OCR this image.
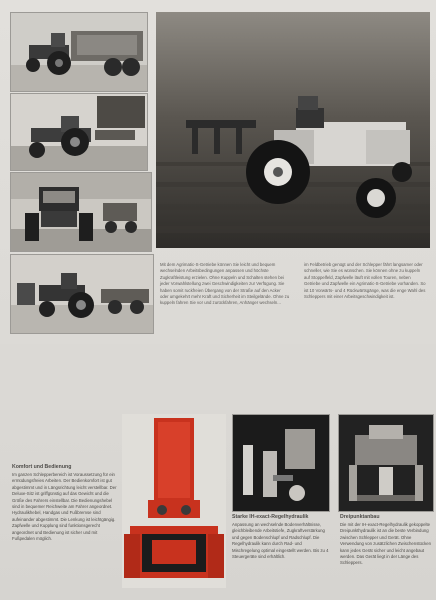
Mit dem Agrimatic-S-Getriebe können Sie leicht und bequem wechselnden Arbeitsbedingungen anpassen und höchste Zugkraftleistung erzielen. Ohne Kuppeln und Schalten stehen bei jeder Vorwahlstellung zwei Geschwindigkeiten zur Verfügung. Sie haben somit ruckfreien Übergang von der Straße auf den Acker oder umgekehrt mehr Kraft und Sicherheit im Steilgelände. Ohne zu kuppeln fahren Sie vor und zurückfahren, Anhänger wechseln...

im Feldbetrieb genügt und der Schlepper fährt langsamer oder schneller, wie Sie es wünschen. Sie können ohne zu kuppeln auf Stoppelfeld, Zapfwelle läuft mit vollen Touren, neben Getriebe und Zapfwelle ein Agrimatic-S-Getriebe vorhanden. So ist 10 Vorwärts- und 4 Rückwärtsgänge, was die enge Wahl des Schleppers mit einer Arbeitsgeschwindigkeit ist.

Komfort und Bedienung

Im ganzen Schlepperbereich ist Voraussetzung für ein ermüdungsfreies Arbeiten. Der Bedienkomfort ist gut abgestimmt und in Längsrichtung leicht verstellbar. Der Deluxe-Sitz ist griffgünstig auf das Gewicht und die Größe des Fahrers einstellbar. Die Bedienungshebel sind in bequemer Reichweite am Fahrer angeordnet. Hydraulikhebel, Handgas und Fußbremse sind aufeinander abgestimmt. Die Lenkung ist leichtgängig. Zapfwelle und Kupplung sind funktionsgerecht angeordnet und Bedienung ist sicher und mit Fußpedalen möglich.

Starke IH-exact-Regelhydraulik

Anpassung an wechselnde Bodenverhältnisse, gleichbleibende Arbeitstiefe, Zugkraftverstärkung und gegen Bodenschlupf und Radschlupf. Die Regelhydraulik kann durch Rad- und Mischregelung optimal eingestellt werden. Bis zu 4 Steuergeräte sind erhältlich.

Dreipunktanbau

Die mit der IH-exact-Regelhydraulik gekoppelte Dreipunkthydraulik ist an die beste Verbindung zwischen Schlepper und Gerät. Ohne Verwendung von zusätzlichen Zwischenstücken kann jedes Gerät sicher und leicht angebaut werden. Das Gerät liegt in der Länge des Schleppers.
